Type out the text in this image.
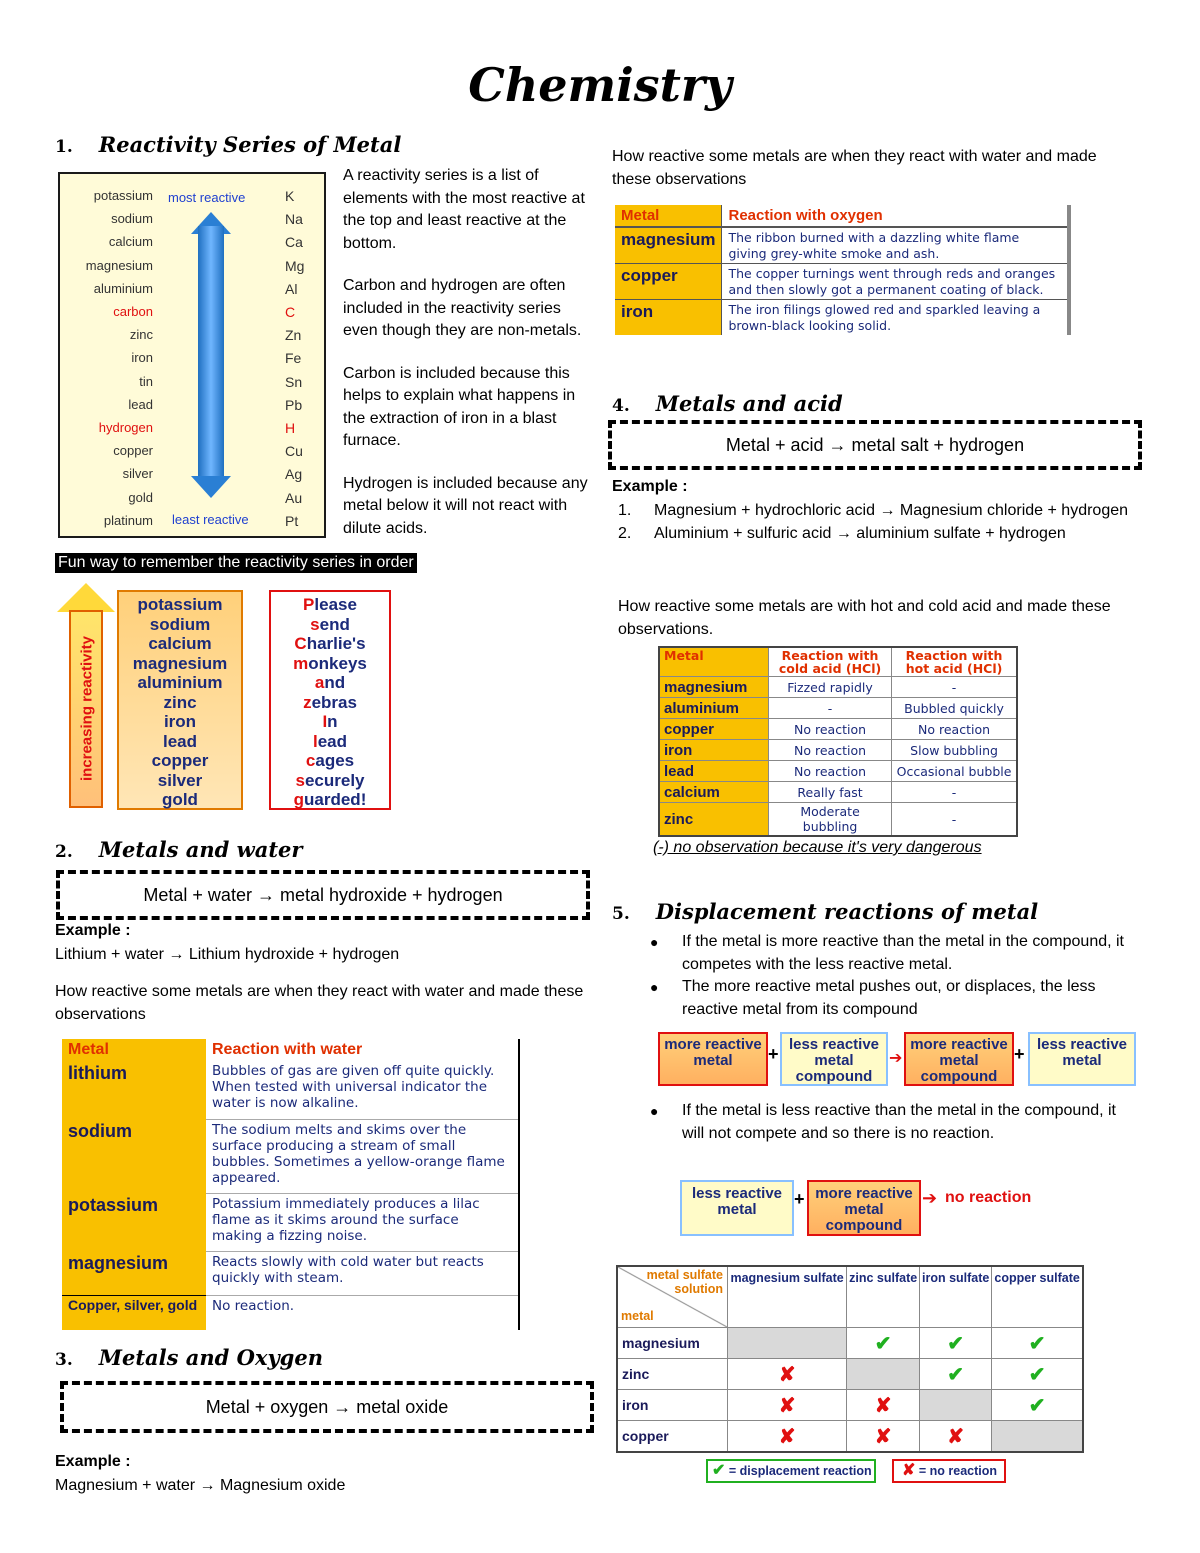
Chemistry
1. Reactivity Series of Metal
potassium	K
sodium	Na
calcium	Ca
magnesium	Mg
aluminium	Al
carbon	C
zinc	Zn
iron	Fe
tin	Sn
lead	Pb
hydrogen	H
copper	Cu
silver	Ag
gold	Au
platinum	Pt
most reactive
least reactive
A reactivity series is a list of elements with the most reactive at the top and least reactive at the bottom.
Carbon and hydrogen are often included in the reactivity series even though they are non-metals.
Carbon is included because this helps to explain what happens in the extraction of iron in a blast furnace.
Hydrogen is included because any metal below it will not react with dilute acids.
Fun way to remember the reactivity series in order
increasing reactivity
potassium
sodium
calcium
magnesium
aluminium
zinc
iron
lead
copper
silver
gold
Please
send
Charlie's
monkeys
and
zebras
In
lead
cages
securely
guarded!
2. Metals and water
Metal + water → metal hydroxide + hydrogen
Example :
Lithium + water → Lithium hydroxide + hydrogen
How reactive some metals are when they react with water and made these observations
Metal	Reaction with water
lithium	Bubbles of gas are given off quite quickly. When tested with universal indicator the water is now alkaline.
sodium	The sodium melts and skims over the surface producing a stream of small bubbles. Sometimes a yellow-orange flame appeared.
potassium	Potassium immediately produces a lilac flame as it skims around the surface making a fizzing noise.
magnesium	Reacts slowly with cold water but reacts quickly with steam.
Copper, silver, gold	No reaction.
3. Metals and Oxygen
Metal + oxygen → metal oxide
Example :
Magnesium + water → Magnesium oxide
How reactive some metals are when they react with water and made these observations
Metal	Reaction with oxygen
magnesium	The ribbon burned with a dazzling white flame giving grey-white smoke and ash.
copper	The copper turnings went through reds and oranges and then slowly got a permanent coating of black.
iron	The iron filings glowed red and sparkled leaving a brown-black looking solid.
4. Metals and acid
Metal + acid → metal salt + hydrogen
Example :
1.	Magnesium + hydrochloric acid → Magnesium chloride + hydrogen
2.	Aluminium + sulfuric acid → aluminium sulfate + hydrogen
How reactive some metals are with hot and cold acid and made these observations.
Metal	Reaction with cold acid (HCl)	Reaction with hot acid (HCl)
magnesium	Fizzed rapidly	-
aluminium	-	Bubbled quickly
copper	No reaction	No reaction
iron	No reaction	Slow bubbling
lead	No reaction	Occasional bubble
calcium	Really fast	-
zinc	Moderate bubbling	-
(-) no observation because it's very dangerous
5. Displacement reactions of metal
● If the metal is more reactive than the metal in the compound, it competes with the less reactive metal.
● The more reactive metal pushes out, or displaces, the less reactive metal from its compound
more reactive metal	+ less reactive metal compound
➔
more reactive metal compound
+ less reactive metal
● If the metal is less reactive than the metal in the compound, it will not compete and so there is no reaction.
less reactive metal
+ more reactive metal compound
➔ no reaction
metal sulfate solution
metal	magnesium sulfate	zinc sulfate	iron sulfate	copper sulfate
magnesium		✔	✔	✔
zinc	✘		✔	✔
iron	✘	✘		✔
copper	✘	✘	✘	
✔ = displacement reaction	✘ = no reaction
